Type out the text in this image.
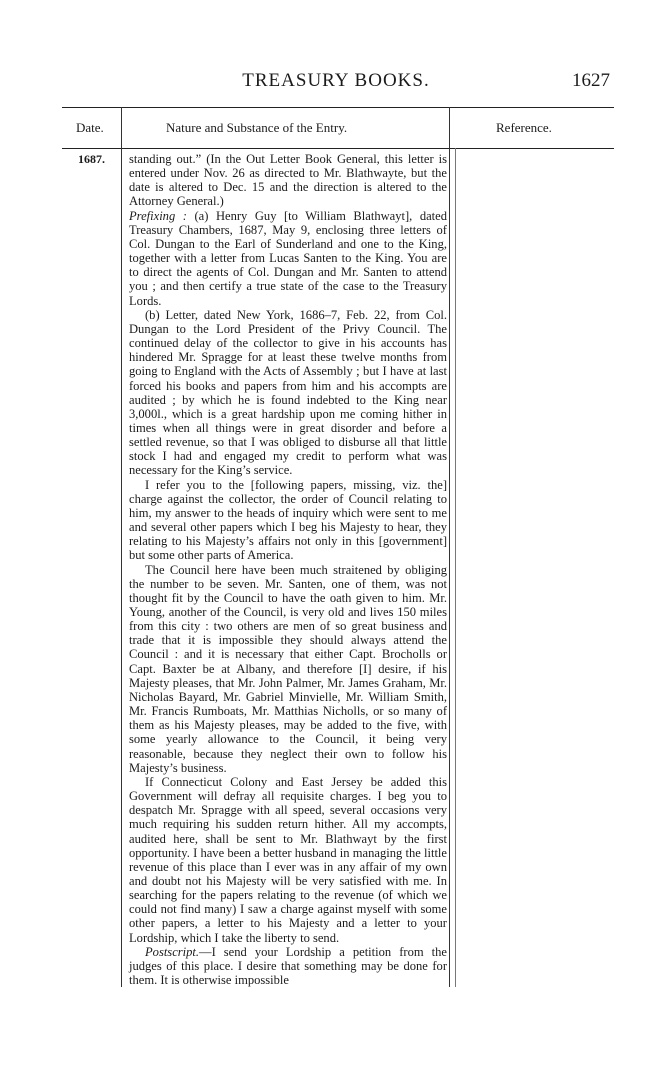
TREASURY BOOKS.	1627
Date.	Nature and Substance of the Entry.	Reference.
1687. standing out.” (In the Out Letter Book General, this letter is entered under Nov. 26 as directed to Mr. Blathwayte, but the date is altered to Dec. 15 and the direction is altered to the Attorney General.)

Prefixing : (a) Henry Guy [to William Blathwayt], dated Treasury Chambers, 1687, May 9, enclosing three letters of Col. Dungan to the Earl of Sunderland and one to the King, together with a letter from Lucas Santen to the King. You are to direct the agents of Col. Dungan and Mr. Santen to attend you ; and then certify a true state of the case to the Treasury Lords.

(b) Letter, dated New York, 1686–7, Feb. 22, from Col. Dungan to the Lord President of the Privy Council. The continued delay of the collector to give in his accounts has hindered Mr. Spragge for at least these twelve months from going to England with the Acts of Assembly ; but I have at last forced his books and papers from him and his accompts are audited ; by which he is found indebted to the King near 3,000l., which is a great hardship upon me coming hither in times when all things were in great disorder and before a settled revenue, so that I was obliged to disburse all that little stock I had and engaged my credit to perform what was necessary for the King’s service.

I refer you to the [following papers, missing, viz. the] charge against the collector, the order of Council relating to him, my answer to the heads of inquiry which were sent to me and several other papers which I beg his Majesty to hear, they relating to his Majesty’s affairs not only in this [government] but some other parts of America.

The Council here have been much straitened by obliging the number to be seven. Mr. Santen, one of them, was not thought fit by the Council to have the oath given to him. Mr. Young, another of the Council, is very old and lives 150 miles from this city : two others are men of so great business and trade that it is impossible they should always attend the Council : and it is necessary that either Capt. Brocholls or Capt. Baxter be at Albany, and therefore [I] desire, if his Majesty pleases, that Mr. John Palmer, Mr. James Graham, Mr. Nicholas Bayard, Mr. Gabriel Minvielle, Mr. William Smith, Mr. Francis Rumboats, Mr. Matthias Nicholls, or so many of them as his Majesty pleases, may be added to the five, with some yearly allowance to the Council, it being very reasonable, because they neglect their own to follow his Majesty’s business.

If Connecticut Colony and East Jersey be added this Government will defray all requisite charges. I beg you to despatch Mr. Spragge with all speed, several occasions very much requiring his sudden return hither. All my accompts, audited here, shall be sent to Mr. Blathwayt by the first opportunity. I have been a better husband in managing the little revenue of this place than I ever was in any affair of my own and doubt not his Majesty will be very satisfied with me. In searching for the papers relating to the revenue (of which we could not find many) I saw a charge against myself with some other papers, a letter to his Majesty and a letter to your Lordship, which I take the liberty to send.

Postscript.—I send your Lordship a petition from the judges of this place. I desire that something may be done for them. It is otherwise impossible
